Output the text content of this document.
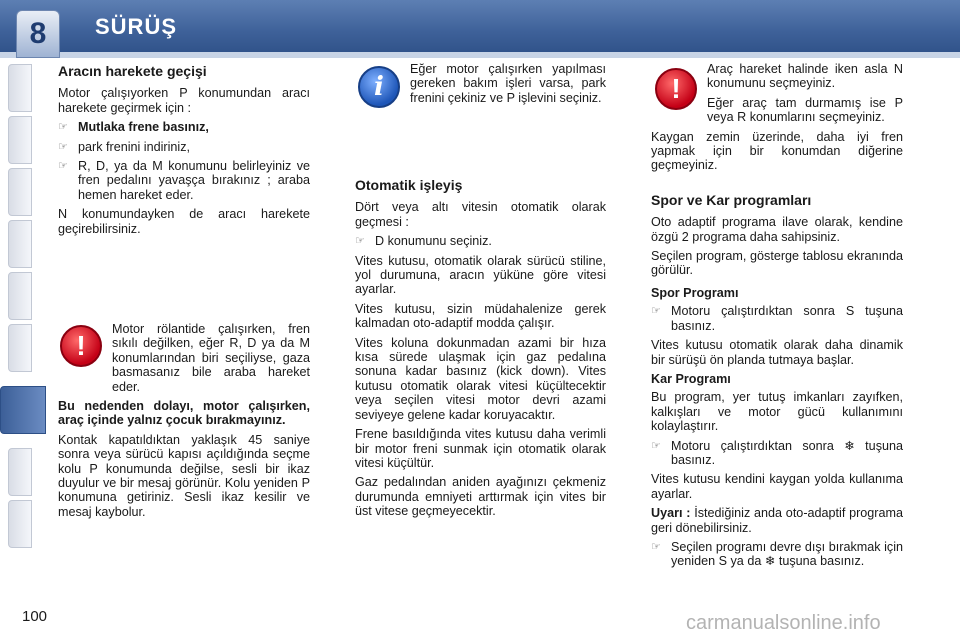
8	SÜRÜŞ
Aracın harekete geçişi

Motor çalışıyorken P konumundan aracı harekete geçirmek için :

☞ Mutlaka frene basınız,
☞ park frenini indiriniz,
☞ R, D, ya da M konumunu belirleyiniz ve fren pedalını yavaşça bırakınız ; araba hemen hareket eder.

N konumundayken de aracı harekete geçirebilirsiniz.

!

Motor rölantide çalışırken, fren sıkılı değilken, eğer R, D ya da M konumlarından biri seçiliyse, gaza basmasanız bile araba hareket eder.

Bu nedenden dolayı, motor çalışırken, araç içinde yalnız çocuk bırakmayınız.

Kontak kapatıldıktan yaklaşık 45 saniye sonra veya sürücü kapısı açıldığında seçme kolu P konumunda değilse, sesli bir ikaz duyulur ve bir mesaj görünür. Kolu yeniden P konumuna getiriniz. Sesli ikaz kesilir ve mesaj kaybolur.

i

Eğer motor çalışırken yapılması gereken bakım işleri varsa, park frenini çekiniz ve P işlevini seçiniz.

Otomatik işleyiş

Dört veya altı vitesin otomatik olarak geçmesi :

☞ D konumunu seçiniz.

Vites kutusu, otomatik olarak sürücü stiline, yol durumuna, aracın yüküne göre vitesi ayarlar.

Vites kutusu, sizin müdahalenize gerek kalmadan oto-adaptif modda çalışır.

Vites koluna dokunmadan azami bir hıza kısa sürede ulaşmak için gaz pedalına sonuna kadar basınız (kick down). Vites kutusu otomatik olarak vitesi küçültecektir veya seçilen vitesi motor devri azami seviyeye gelene kadar koruyacaktır.

Frene basıldığında vites kutusu daha verimli bir motor freni sunmak için otomatik olarak vitesi küçültür.

Gaz pedalından aniden ayağınızı çekmeniz durumunda emniyeti arttırmak için vites bir üst vitese geçmeyecektir.

!

Araç hareket halinde iken asla N konumunu seçmeyiniz.

Eğer araç tam durmamış ise P veya R konumlarını seçmeyiniz.

Kaygan zemin üzerinde, daha iyi fren yapmak için bir konumdan diğerine geçmeyiniz.

Spor ve Kar programları

Oto adaptif programa ilave olarak, kendine özgü 2 programa daha sahipsiniz.

Seçilen program, gösterge tablosu ekranında görülür.

Spor Programı
☞ Motoru çalıştırdıktan sonra S tuşuna basınız.

Vites kutusu otomatik olarak daha dinamik bir sürüşü ön planda tutmaya başlar.

Kar Programı

Bu program, yer tutuş imkanları zayıfken, kalkışları ve motor gücü kullanımını kolaylaştırır.

☞ Motoru çalıştırdıktan sonra ❄ tuşuna basınız.

Vites kutusu kendini kaygan yolda kullanıma ayarlar.

Uyarı : İstediğiniz anda oto-adaptif programa geri dönebilirsiniz.

☞ Seçilen programı devre dışı bırakmak için yeniden S ya da ❄ tuşuna basınız.
100	carmanualsonline.info
